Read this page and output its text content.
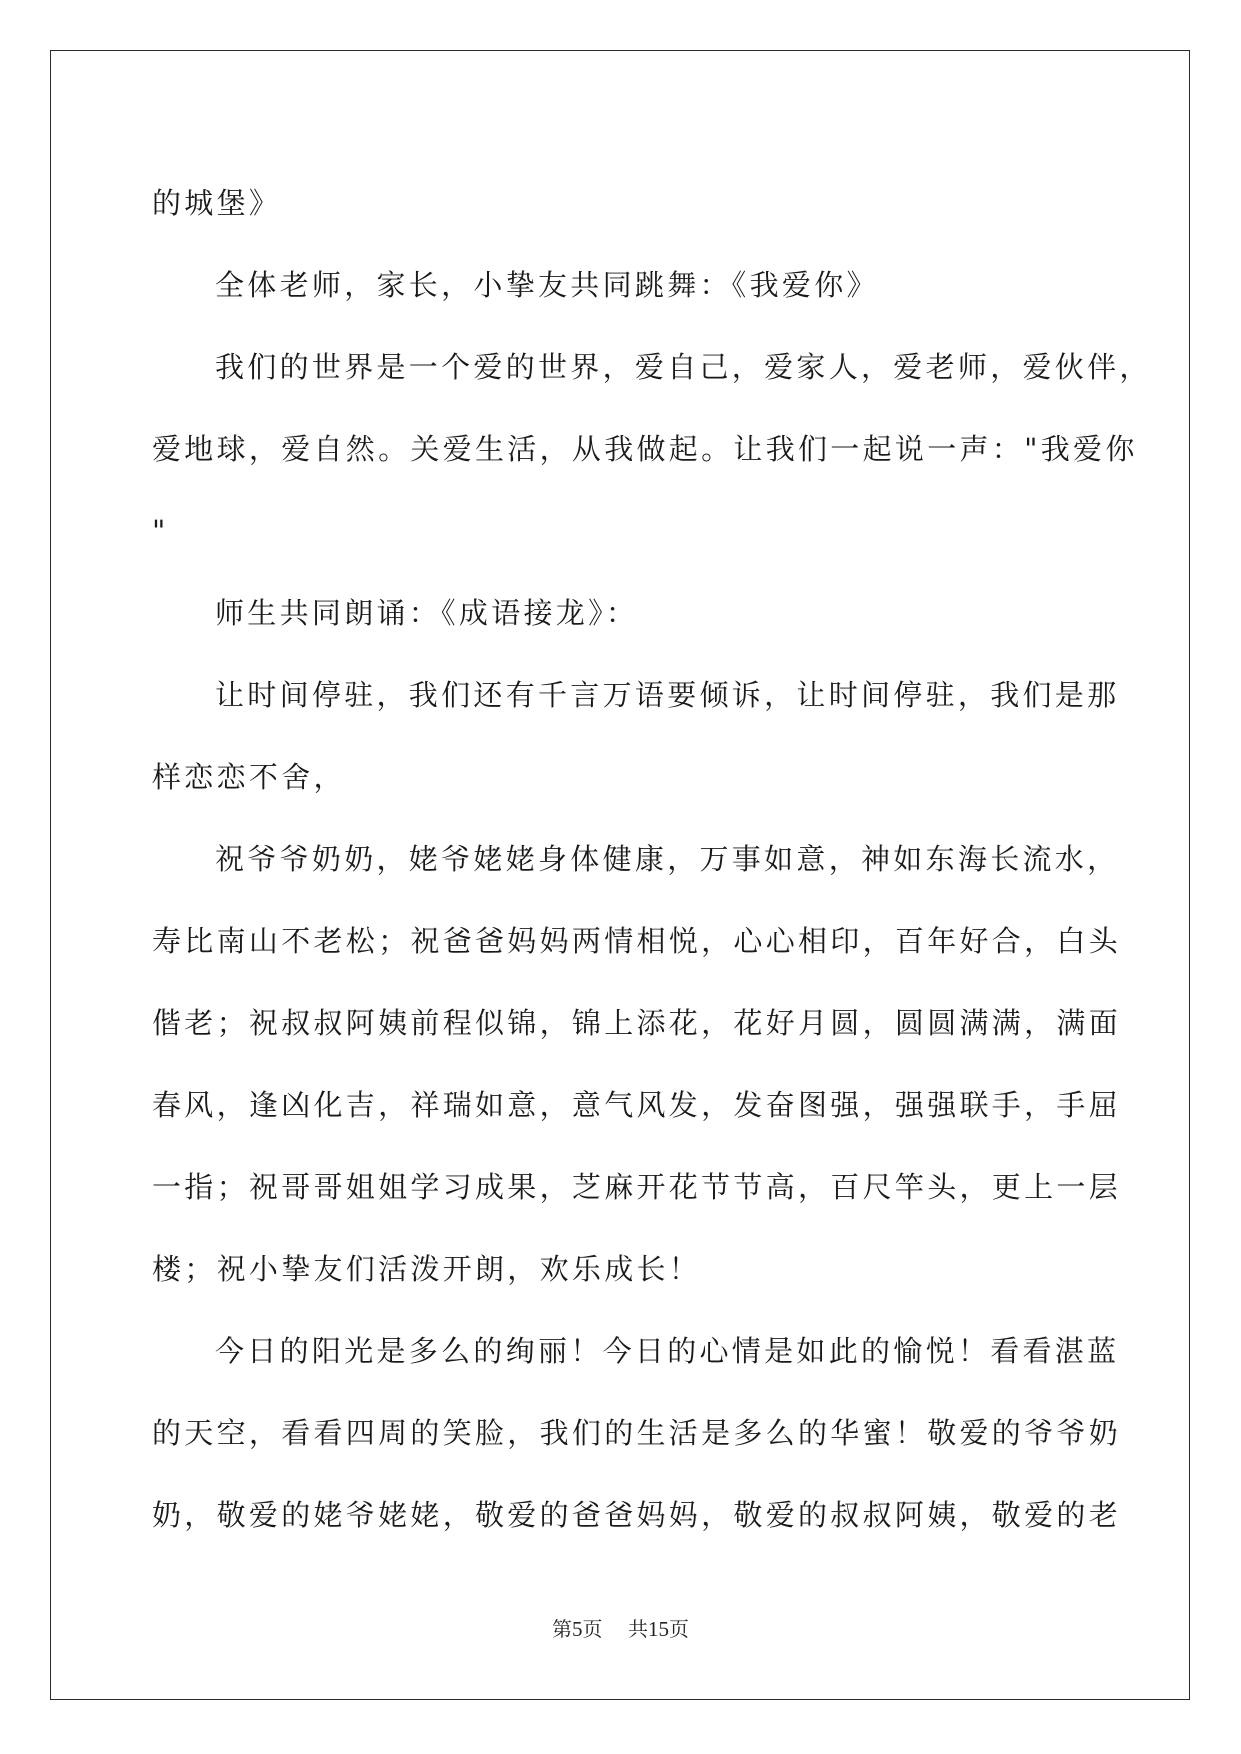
的城堡》
全体老师，家长，小挚友共同跳舞：《我爱你》
我们的世界是一个爱的世界，爱自己，爱家人，爱老师，爱伙伴，
爱地球，爱自然。关爱生活，从我做起。让我们一起说一声："我爱你
"
师生共同朗诵：《成语接龙》：
让时间停驻，我们还有千言万语要倾诉，让时间停驻，我们是那
样恋恋不舍，
祝爷爷奶奶，姥爷姥姥身体健康，万事如意，神如东海长流水，
寿比南山不老松；祝爸爸妈妈两情相悦，心心相印，百年好合，白头
偕老；祝叔叔阿姨前程似锦，锦上添花，花好月圆，圆圆满满，满面
春风，逢凶化吉，祥瑞如意，意气风发，发奋图强，强强联手，手屈
一指；祝哥哥姐姐学习成果，芝麻开花节节高，百尺竿头，更上一层
楼；祝小挚友们活泼开朗，欢乐成长！
今日的阳光是多么的绚丽！今日的心情是如此的愉悦！看看湛蓝
的天空，看看四周的笑脸，我们的生活是多么的华蜜！敬爱的爷爷奶
奶，敬爱的姥爷姥姥，敬爱的爸爸妈妈，敬爱的叔叔阿姨，敬爱的老
第5页 共15页
